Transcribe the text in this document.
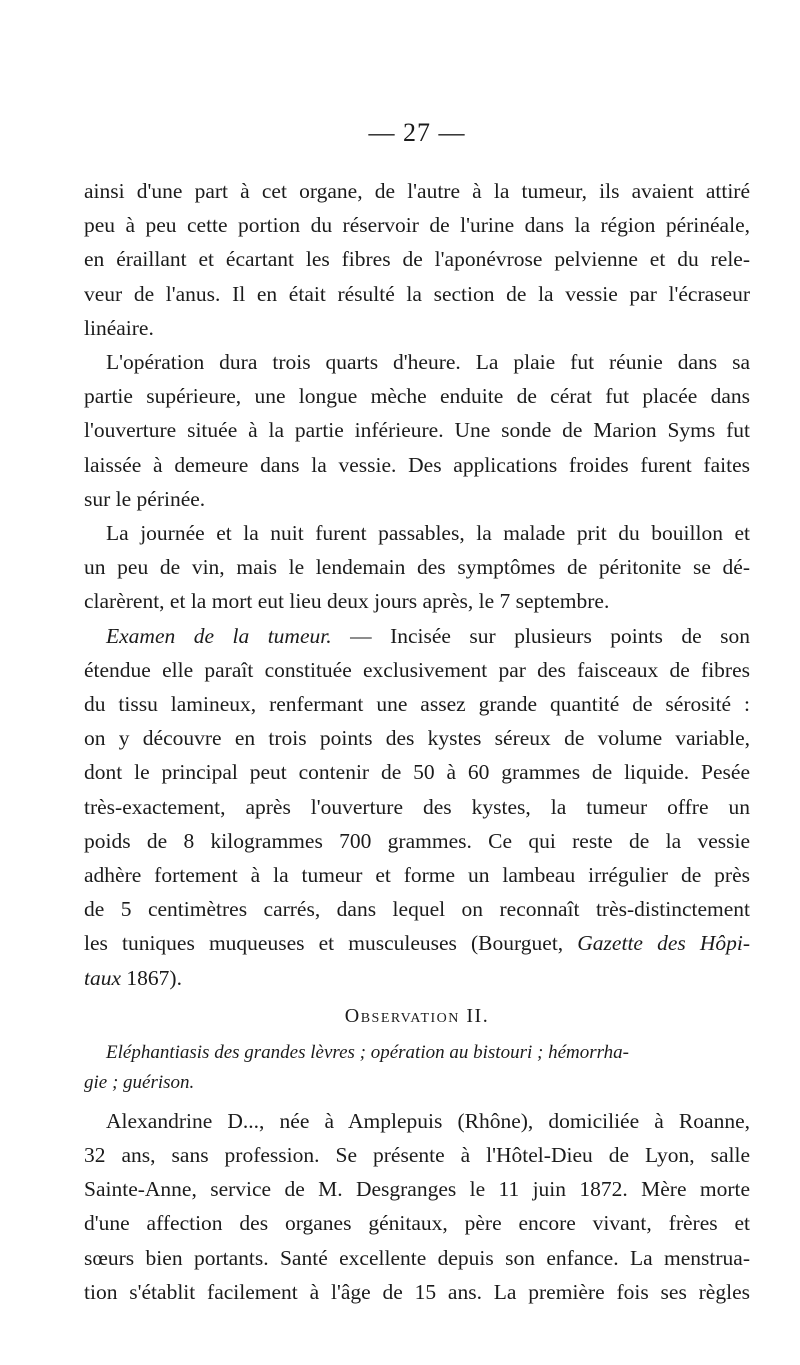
— 27 —

ainsi d'une part à cet organe, de l'autre à la tumeur, ils avaient attiré
peu à peu cette portion du réservoir de l'urine dans la région périnéale,
en éraillant et écartant les fibres de l'aponévrose pelvienne et du rele-
veur de l'anus. Il en était résulté la section de la vessie par l'écraseur
linéaire.

L'opération dura trois quarts d'heure. La plaie fut réunie dans sa
partie supérieure, une longue mèche enduite de cérat fut placée dans
l'ouverture située à la partie inférieure. Une sonde de Marion Syms fut
laissée à demeure dans la vessie. Des applications froides furent faites
sur le périnée.

La journée et la nuit furent passables, la malade prit du bouillon et
un peu de vin, mais le lendemain des symptômes de péritonite se dé-
clarèrent, et la mort eut lieu deux jours après, le 7 septembre.

Examen de la tumeur. — Incisée sur plusieurs points de son
étendue elle paraît constituée exclusivement par des faisceaux de fibres
du tissu lamineux, renfermant une assez grande quantité de sérosité :
on y découvre en trois points des kystes séreux de volume variable,
dont le principal peut contenir de 50 à 60 grammes de liquide. Pesée
très-exactement, après l'ouverture des kystes, la tumeur offre un
poids de 8 kilogrammes 700 grammes. Ce qui reste de la vessie
adhère fortement à la tumeur et forme un lambeau irrégulier de près
de 5 centimètres carrés, dans lequel on reconnaît très-distinctement
les tuniques muqueuses et musculeuses (Bourguet, Gazette des Hôpi-
taux 1867).

Observation II.
Eléphantiasis des grandes lèvres ; opération au bistouri ; hémorrha-
gie ; guérison.

Alexandrine D..., née à Amplepuis (Rhône), domiciliée à Roanne,
32 ans, sans profession. Se présente à l'Hôtel-Dieu de Lyon, salle
Sainte-Anne, service de M. Desgranges le 11 juin 1872. Mère morte
d'une affection des organes génitaux, père encore vivant, frères et
sœurs bien portants. Santé excellente depuis son enfance. La menstrua-
tion s'établit facilement à l'âge de 15 ans. La première fois ses règles
